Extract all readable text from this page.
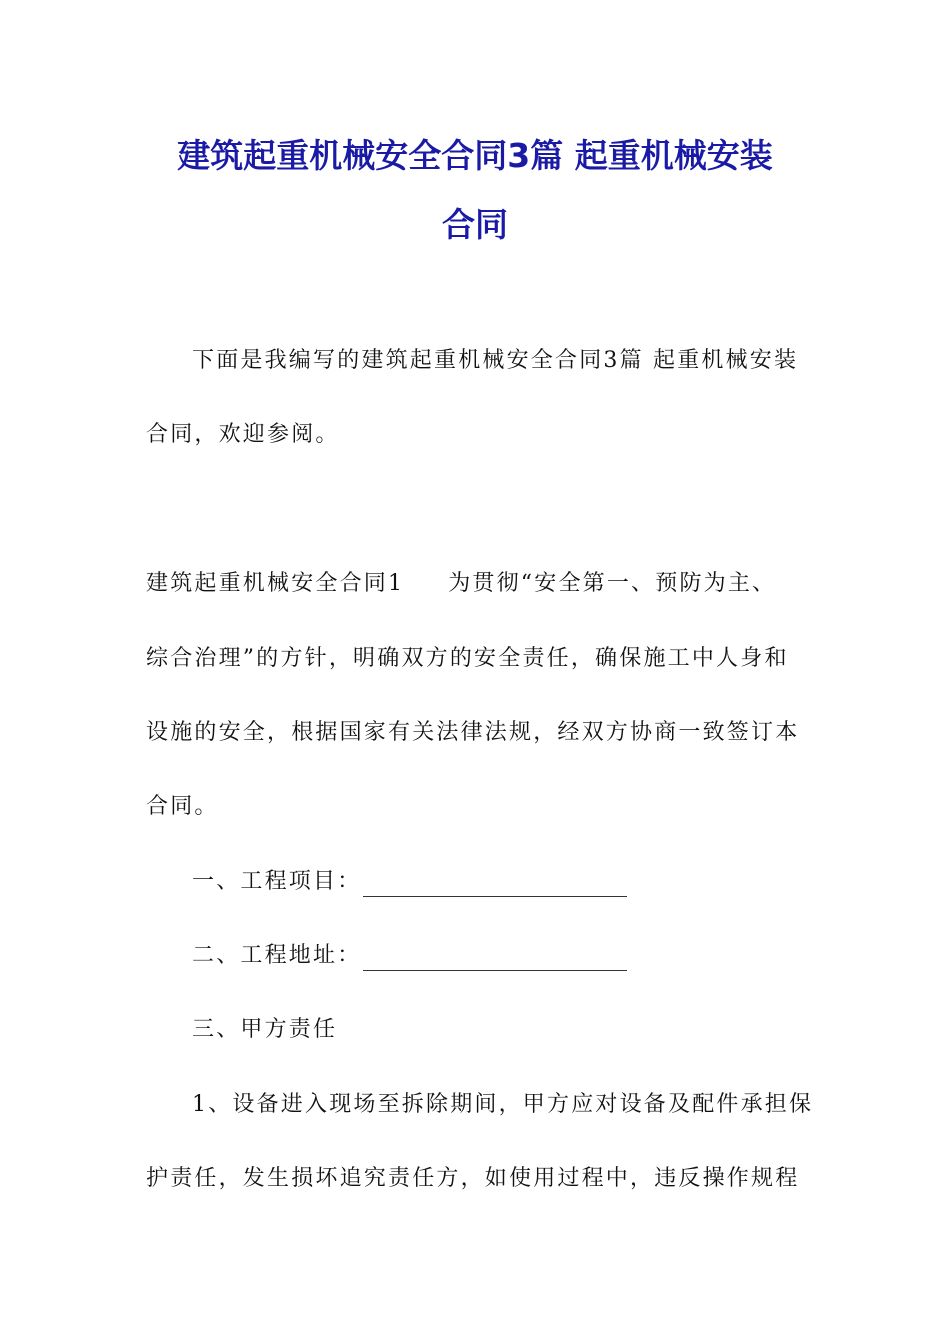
建筑起重机械安全合同3篇 起重机械安装
合同
下面是我编写的建筑起重机械安全合同3篇 起重机械安装
合同，欢迎参阅。
建筑起重机械安全合同1 为贯彻“安全第一、预防为主、
综合治理”的方针，明确双方的安全责任，确保施工中人身和
设施的安全，根据国家有关法律法规，经双方协商一致签订本
合同。
一、工程项目：
二、工程地址：
三、甲方责任
1、设备进入现场至拆除期间，甲方应对设备及配件承担保
护责任，发生损坏追究责任方，如使用过程中，违反操作规程
